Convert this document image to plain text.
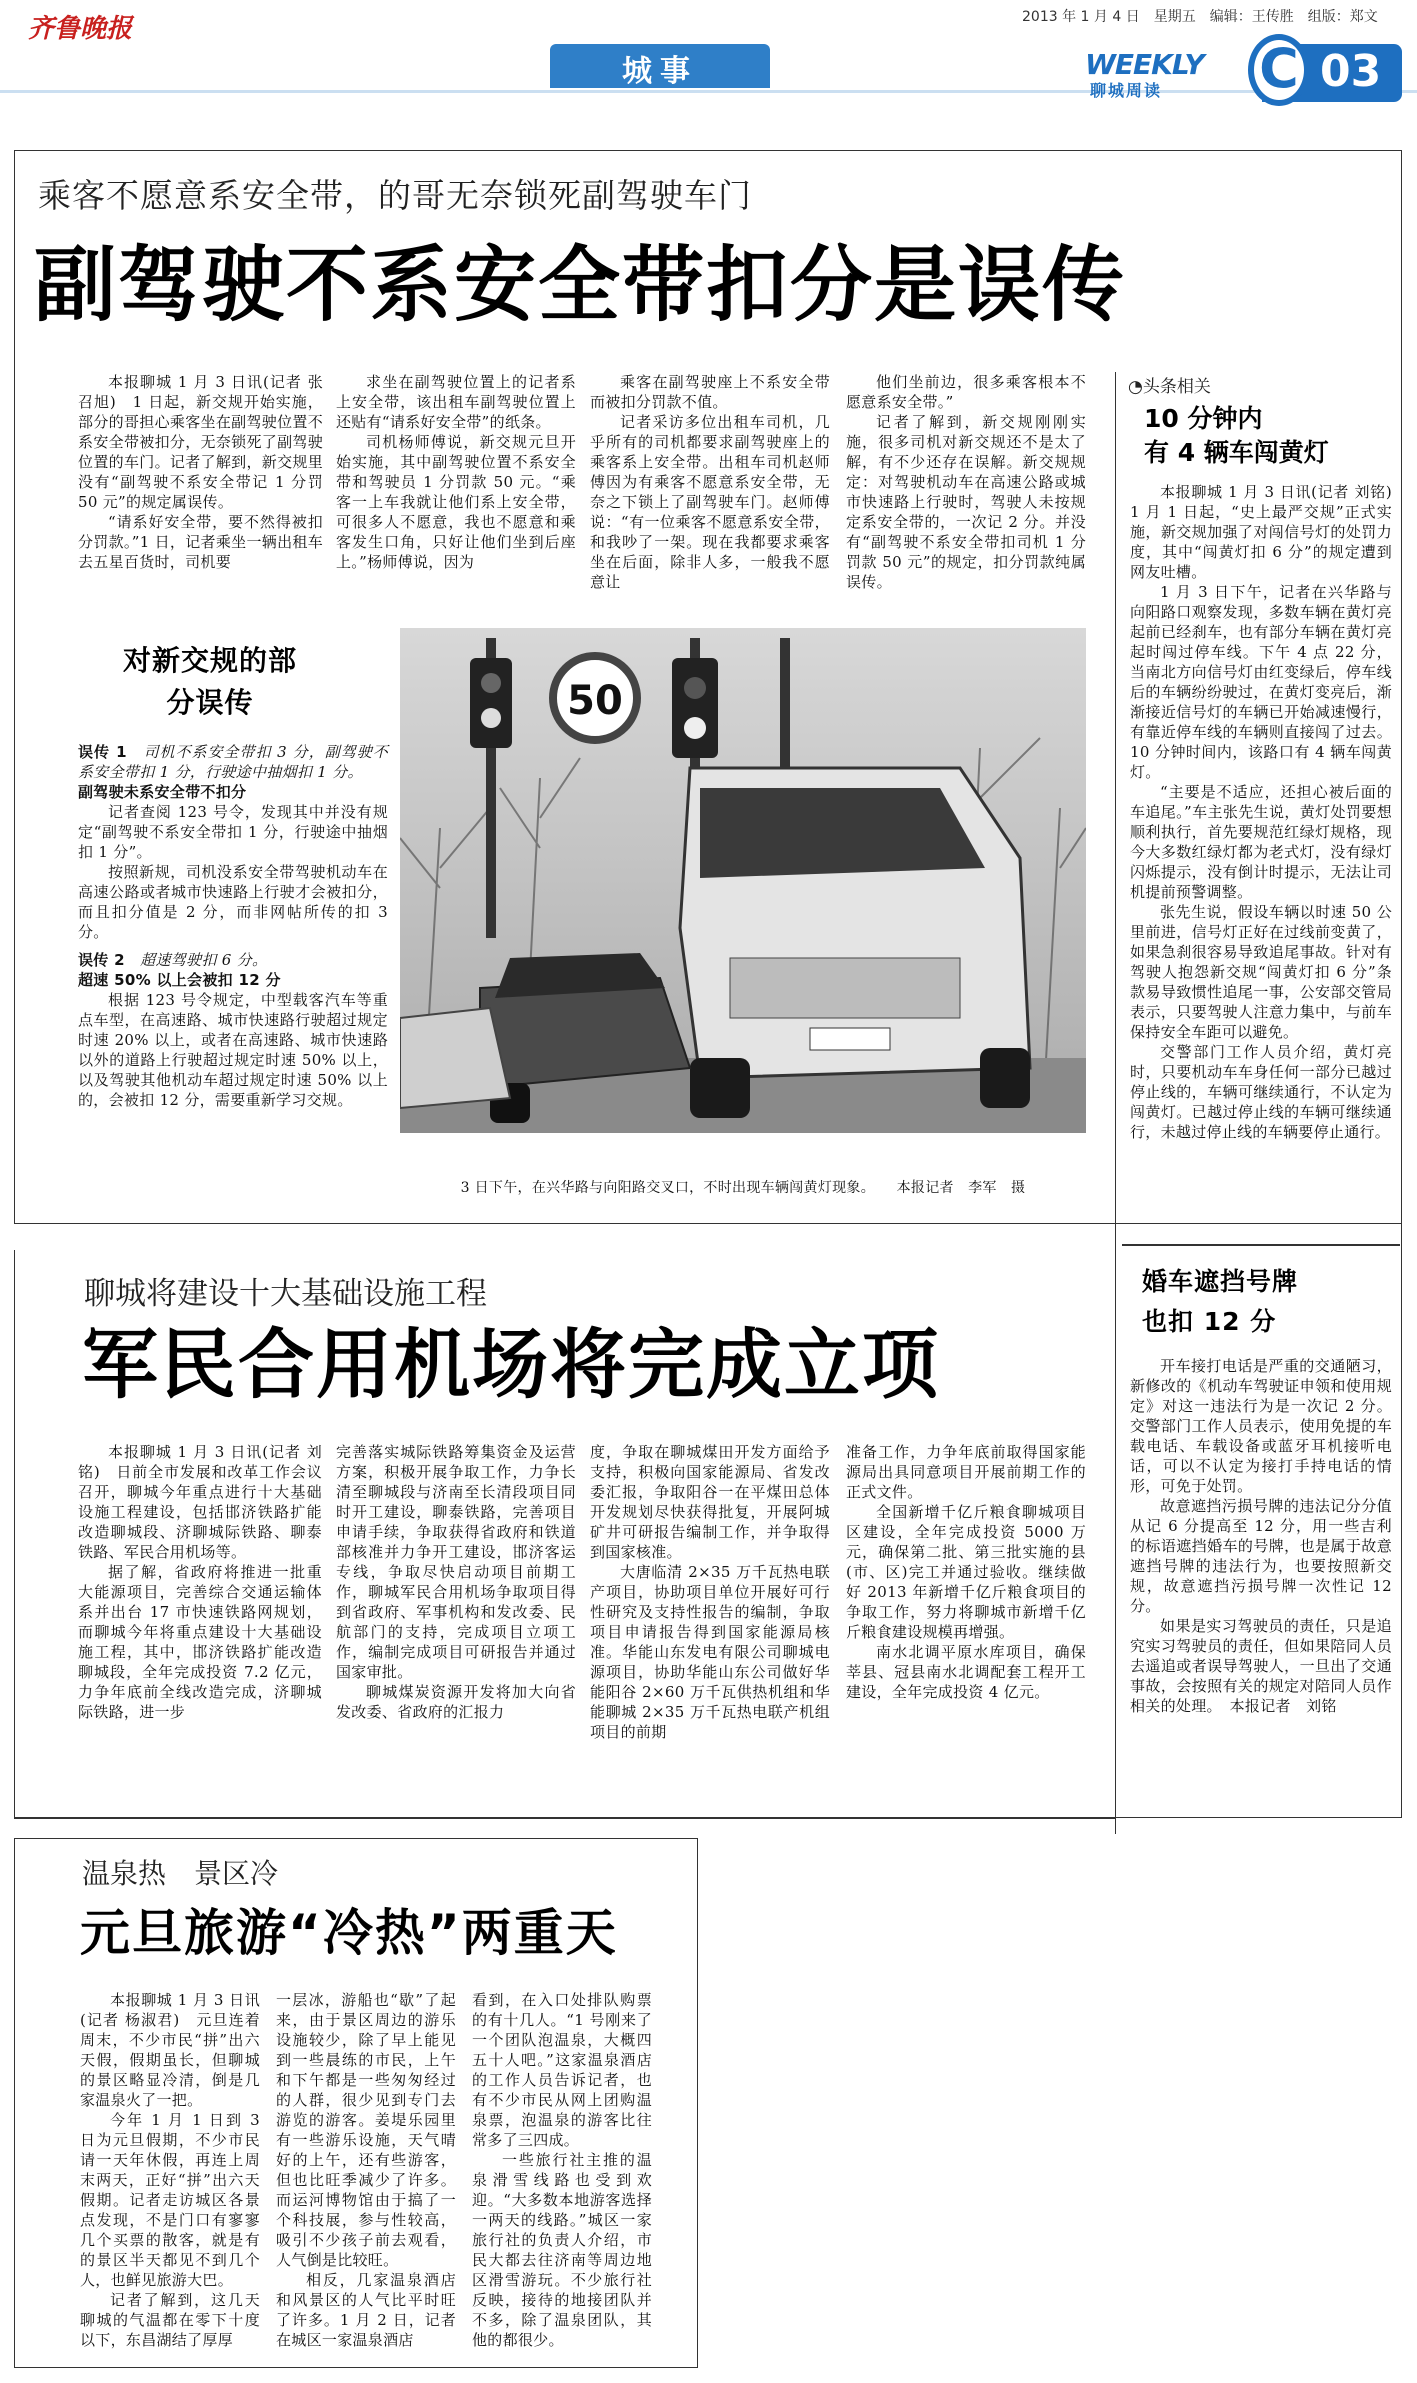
齐鲁晚报	2013 年 1 月 4 日　星期五　编辑：王传胜　组版：郑文
城事	WEEKLY
聊城周读 C 03
乘客不愿意系安全带，的哥无奈锁死副驾驶车门
副驾驶不系安全带扣分是误传

本报聊城 1 月 3 日讯(记者 张召旭)　1 日起，新交规开始实施，部分的哥担心乘客坐在副驾驶位置不系安全带被扣分，无奈锁死了副驾驶位置的车门。记者了解到，新交规里没有“副驾驶不系安全带记 1 分罚 50 元”的规定属误传。

“请系好安全带，要不然得被扣分罚款。”1 日，记者乘坐一辆出租车去五星百货时，司机要

求坐在副驾驶位置上的记者系上安全带，该出租车副驾驶位置上还贴有“请系好安全带”的纸条。

司机杨师傅说，新交规元旦开始实施，其中副驾驶位置不系安全带和驾驶员 1 分罚款 50 元。“乘客一上车我就让他们系上安全带，可很多人不愿意，我也不愿意和乘客发生口角，只好让他们坐到后座上。”杨师傅说，因为

乘客在副驾驶座上不系安全带而被扣分罚款不值。

记者采访多位出租车司机，几乎所有的司机都要求副驾驶座上的乘客系上安全带。出租车司机赵师傅因为有乘客不愿意系安全带，无奈之下锁上了副驾驶车门。赵师傅说：“有一位乘客不愿意系安全带，和我吵了一架。现在我都要求乘客坐在后面，除非人多，一般我不愿意让

他们坐前边，很多乘客根本不愿意系安全带。”

记者了解到，新交规刚刚实施，很多司机对新交规还不是太了解，有不少还存在误解。新交规规定：对驾驶机动车在高速公路或城市快速路上行驶时，驾驶人未按规定系安全带的，一次记 2 分。并没有“副驾驶不系安全带扣司机 1 分罚款 50 元”的规定，扣分罚款纯属误传。

对新交规的部分误传

误传 1　 司机不系安全带扣 3 分，副驾驶不系安全带扣 1 分，行驶途中抽烟扣 1 分。

副驾驶未系安全带不扣分

记者查阅 123 号令，发现其中并没有规定“副驾驶不系安全带扣 1 分，行驶途中抽烟扣 1 分”。

按照新规，司机没系安全带驾驶机动车在高速公路或者城市快速路上行驶才会被扣分，而且扣分值是 2 分，而非网帖所传的扣 3 分。

误传 2　 超速驾驶扣 6 分。

超速 50% 以上会被扣 12 分

根据 123 号令规定，中型载客汽车等重点车型，在高速路、城市快速路行驶超过规定时速 20% 以上，或者在高速路、城市快速路以外的道路上行驶超过规定时速 50% 以上，以及驾驶其他机动车超过规定时速 50% 以上的，会被扣 12 分，需要重新学习交规。

50
3 日下午，在兴华路与向阳路交叉口，不时出现车辆闯黄灯现象。　　本报记者　李军　摄
◔头条相关
10 分钟内
有 4 辆车闯黄灯

本报聊城 1 月 3 日讯(记者 刘铭)　1 月 1 日起，“史上最严交规”正式实施，新交规加强了对闯信号灯的处罚力度，其中“闯黄灯扣 6 分”的规定遭到网友吐槽。

1 月 3 日下午，记者在兴华路与向阳路口观察发现，多数车辆在黄灯亮起前已经刹车，也有部分车辆在黄灯亮起时闯过停车线。下午 4 点 22 分，当南北方向信号灯由红变绿后，停车线后的车辆纷纷驶过，在黄灯变亮后，渐渐接近信号灯的车辆已开始减速慢行，有靠近停车线的车辆则直接闯了过去。10 分钟时间内，该路口有 4 辆车闯黄灯。

“主要是不适应，还担心被后面的车追尾。”车主张先生说，黄灯处罚要想顺利执行，首先要规范红绿灯规格，现今大多数红绿灯都为老式灯，没有绿灯闪烁提示，没有倒计时提示，无法让司机提前预警调整。

张先生说，假设车辆以时速 50 公里前进，信号灯正好在过线前变黄了，如果急刹很容易导致追尾事故。针对有驾驶人抱怨新交规“闯黄灯扣 6 分”条款易导致惯性追尾一事，公安部交管局表示，只要驾驶人注意力集中，与前车保持安全车距可以避免。

交警部门工作人员介绍，黄灯亮时，只要机动车车身任何一部分已越过停止线的，车辆可继续通行，不认定为闯黄灯。已越过停止线的车辆可继续通行，未越过停止线的车辆要停止通行。

婚车遮挡号牌
也扣 12 分

开车接打电话是严重的交通陋习，新修改的《机动车驾驶证申领和使用规定》对这一违法行为是一次记 2 分。交警部门工作人员表示，使用免提的车载电话、车载设备或蓝牙耳机接听电话，可以不认定为接打手持电话的情形，可免于处罚。

故意遮挡污损号牌的违法记分分值从记 6 分提高至 12 分，用一些吉利的标语遮挡婚车的号牌，也是属于故意遮挡号牌的违法行为，也要按照新交规，故意遮挡污损号牌一次性记 12 分。

如果是实习驾驶员的责任，只是追究实习驾驶员的责任，但如果陪同人员去遥追或者误导驾驶人，一旦出了交通事故，会按照有关的规定对陪同人员作相关的处理。　本报记者　刘铭

聊城将建设十大基础设施工程
军民合用机场将完成立项

本报聊城 1 月 3 日讯(记者 刘铭)　日前全市发展和改革工作会议召开，聊城今年重点进行十大基础设施工程建设，包括邯济铁路扩能改造聊城段、济聊城际铁路、聊泰铁路、军民合用机场等。

据了解，省政府将推进一批重大能源项目，完善综合交通运输体系并出台 17 市快速铁路网规划，而聊城今年将重点建设十大基础设施工程，其中，邯济铁路扩能改造聊城段，全年完成投资 7.2 亿元，力争年底前全线改造完成，济聊城际铁路，进一步

完善落实城际铁路筹集资金及运营方案，积极开展争取工作，力争长清至聊城段与济南至长清段项目同时开工建设，聊泰铁路，完善项目申请手续，争取获得省政府和铁道部核准并力争开工建设，邯济客运专线，争取尽快启动项目前期工作，聊城军民合用机场争取项目得到省政府、军事机构和发改委、民航部门的支持，完成项目立项工作，编制完成项目可研报告并通过国家审批。

聊城煤炭资源开发将加大向省发改委、省政府的汇报力

度，争取在聊城煤田开发方面给予支持，积极向国家能源局、省发改委汇报，争取阳谷一在平煤田总体开发规划尽快获得批复，开展阿城矿井可研报告编制工作，并争取得到国家核准。

大唐临清 2×35 万千瓦热电联产项目，协助项目单位开展好可行性研究及支持性报告的编制，争取项目申请报告得到国家能源局核准。华能山东发电有限公司聊城电源项目，协助华能山东公司做好华能阳谷 2×60 万千瓦供热机组和华能聊城 2×35 万千瓦热电联产机组项目的前期

准备工作，力争年底前取得国家能源局出具同意项目开展前期工作的正式文件。

全国新增千亿斤粮食聊城项目区建设，全年完成投资 5000 万元，确保第二批、第三批实施的县(市、区)完工并通过验收。继续做好 2013 年新增千亿斤粮食项目的争取工作，努力将聊城市新增千亿斤粮食建设规模再增强。

南水北调平原水库项目，确保莘县、冠县南水北调配套工程开工建设，全年完成投资 4 亿元。

温泉热　景区冷
元旦旅游“冷热”两重天

本报聊城 1 月 3 日讯(记者 杨淑君)　元旦连着周末，不少市民“拼”出六天假，假期虽长，但聊城的景区略显冷清，倒是几家温泉火了一把。

今年 1 月 1 日到 3 日为元旦假期，不少市民请一天年休假，再连上周末两天，正好“拼”出六天假期。记者走访城区各景点发现，不是门口有寥寥几个买票的散客，就是有的景区半天都见不到几个人，也鲜见旅游大巴。

记者了解到，这几天聊城的气温都在零下十度以下，东昌湖结了厚厚

一层冰，游船也“歇”了起来，由于景区周边的游乐设施较少，除了早上能见到一些晨练的市民，上午和下午都是一些匆匆经过的人群，很少见到专门去游览的游客。姜堤乐园里有一些游乐设施，天气晴好的上午，还有些游客，但也比旺季减少了许多。而运河博物馆由于搞了一个科技展，参与性较高，吸引不少孩子前去观看，人气倒是比较旺。

相反，几家温泉酒店和风景区的人气比平时旺了许多。1 月 2 日，记者在城区一家温泉酒店

看到，在入口处排队购票的有十几人。“1 号刚来了一个团队泡温泉，大概四五十人吧。”这家温泉酒店的工作人员告诉记者，也有不少市民从网上团购温泉票，泡温泉的游客比往常多了三四成。

一些旅行社主推的温泉滑雪线路也受到欢迎。“大多数本地游客选择一两天的线路。”城区一家旅行社的负责人介绍，市民大都去往济南等周边地区滑雪游玩。不少旅行社反映，接待的地接团队并不多，除了温泉团队，其他的都很少。
